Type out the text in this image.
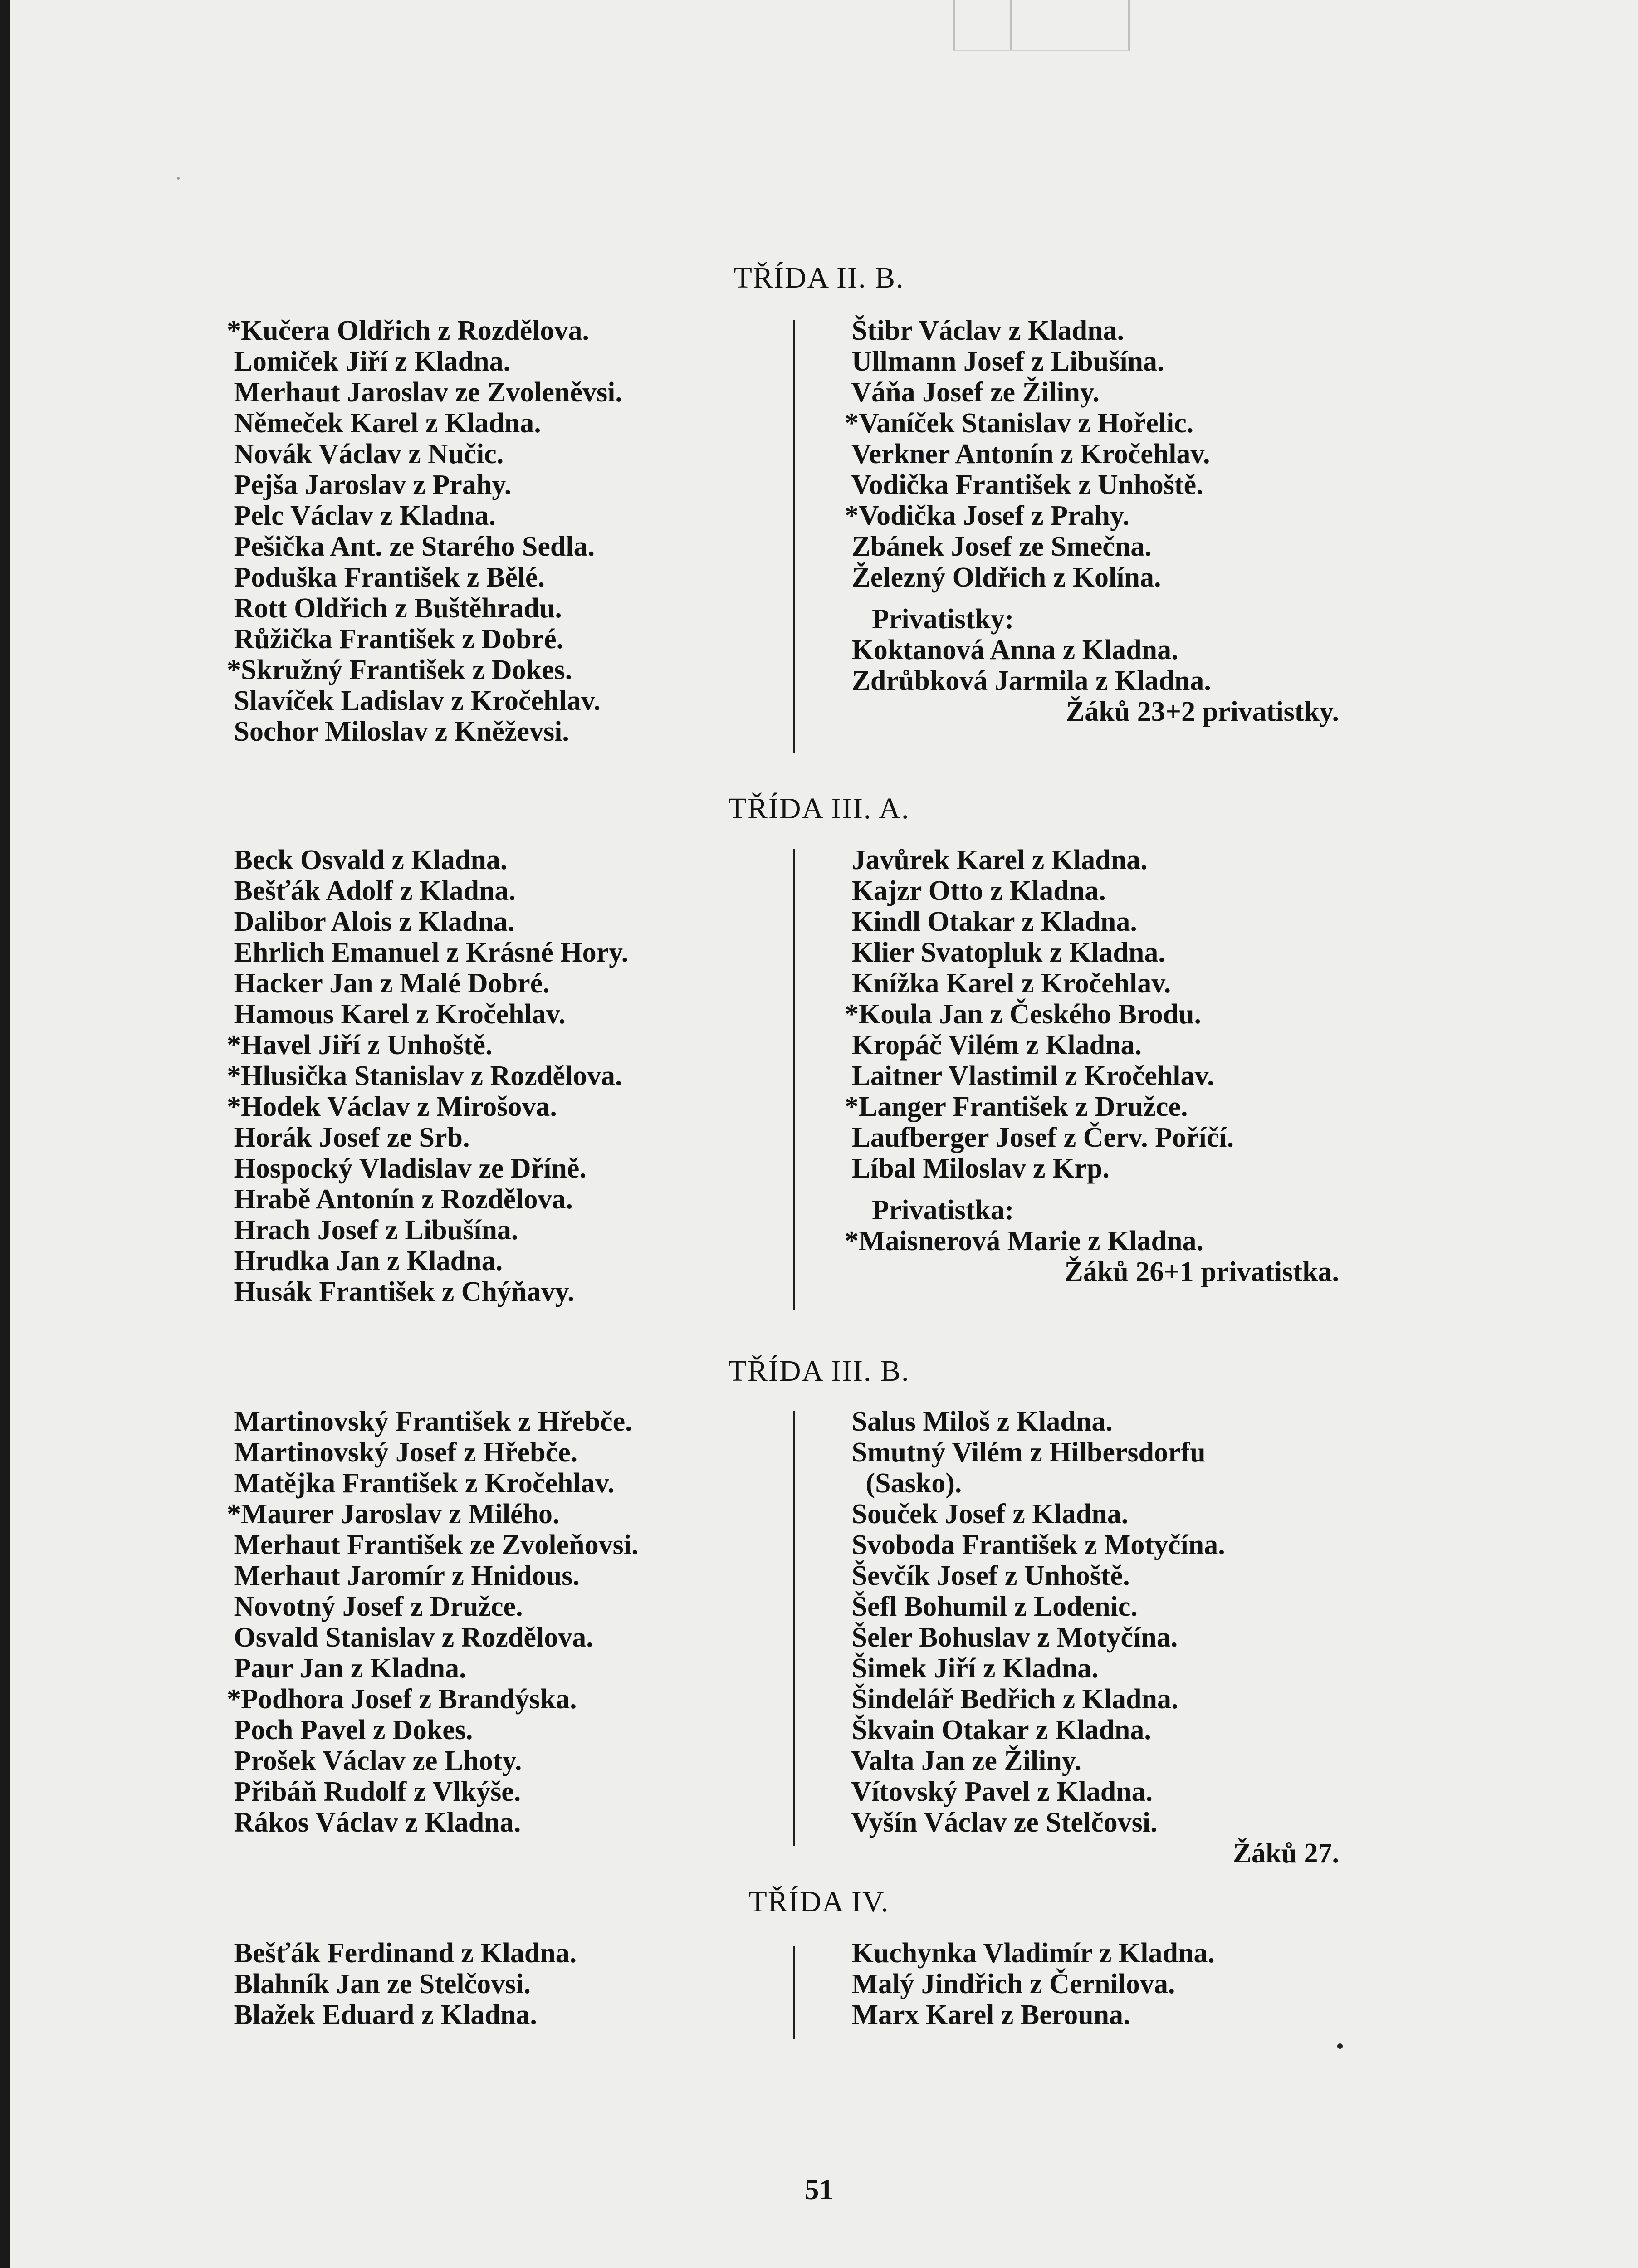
TŘÍDA II. B.
*Kučera Oldřich z Rozdělova.
Lomiček Jiří z Kladna.
Merhaut Jaroslav ze Zvoleněvsi.
Němeček Karel z Kladna.
Novák Václav z Nučic.
Pejša Jaroslav z Prahy.
Pelc Václav z Kladna.
Pešička Ant. ze Starého Sedla.
Poduška František z Bělé.
Rott Oldřich z Buštěhradu.
Růžička František z Dobré.
*Skružný František z Dokes.
Slavíček Ladislav z Kročehlav.
Sochor Miloslav z Kněževsi.
Štibr Václav z Kladna.
Ullmann Josef z Libušína.
Váňa Josef ze Žiliny.
*Vaníček Stanislav z Hořelic.
Verkner Antonín z Kročehlav.
Vodička František z Unhoště.
*Vodička Josef z Prahy.
Zbánek Josef ze Smečna.
Železný Oldřich z Kolína.
Privatistky:
Koktanová Anna z Kladna.
Zdrůbková Jarmila z Kladna.
Žáků 23+2 privatistky.
TŘÍDA III. A.
Beck Osvald z Kladna.
Bešťák Adolf z Kladna.
Dalibor Alois z Kladna.
Ehrlich Emanuel z Krásné Hory.
Hacker Jan z Malé Dobré.
Hamous Karel z Kročehlav.
*Havel Jiří z Unhoště.
*Hlusička Stanislav z Rozdělova.
*Hodek Václav z Mirošova.
Horák Josef ze Srb.
Hospocký Vladislav ze Dříně.
Hrabě Antonín z Rozdělova.
Hrach Josef z Libušína.
Hrudka Jan z Kladna.
Husák František z Chýňavy.
Javůrek Karel z Kladna.
Kajzr Otto z Kladna.
Kindl Otakar z Kladna.
Klier Svatopluk z Kladna.
Knížka Karel z Kročehlav.
*Koula Jan z Českého Brodu.
Kropáč Vilém z Kladna.
Laitner Vlastimil z Kročehlav.
*Langer František z Družce.
Laufberger Josef z Červ. Poříčí.
Líbal Miloslav z Krp.
Privatistka:
*Maisnerová Marie z Kladna.
Žáků 26+1 privatistka.
TŘÍDA III. B.
Martinovský František z Hřebče.
Martinovský Josef z Hřebče.
Matějka František z Kročehlav.
*Maurer Jaroslav z Milého.
Merhaut František ze Zvoleňovsi.
Merhaut Jaromír z Hnidous.
Novotný Josef z Družce.
Osvald Stanislav z Rozdělova.
Paur Jan z Kladna.
*Podhora Josef z Brandýska.
Poch Pavel z Dokes.
Prošek Václav ze Lhoty.
Přibáň Rudolf z Vlkýše.
Rákos Václav z Kladna.
Salus Miloš z Kladna.
Smutný Vilém z Hilbersdorfu
(Sasko).
Souček Josef z Kladna.
Svoboda František z Motyčína.
Ševčík Josef z Unhoště.
Šefl Bohumil z Lodenic.
Šeler Bohuslav z Motyčína.
Šimek Jiří z Kladna.
Šindelář Bedřich z Kladna.
Škvain Otakar z Kladna.
Valta Jan ze Žiliny.
Vítovský Pavel z Kladna.
Vyšín Václav ze Stelčovsi.
Žáků 27.
TŘÍDA IV.
Bešťák Ferdinand z Kladna.
Blahník Jan ze Stelčovsi.
Blažek Eduard z Kladna.
Kuchynka Vladimír z Kladna.
Malý Jindřich z Černilova.
Marx Karel z Berouna.
51
